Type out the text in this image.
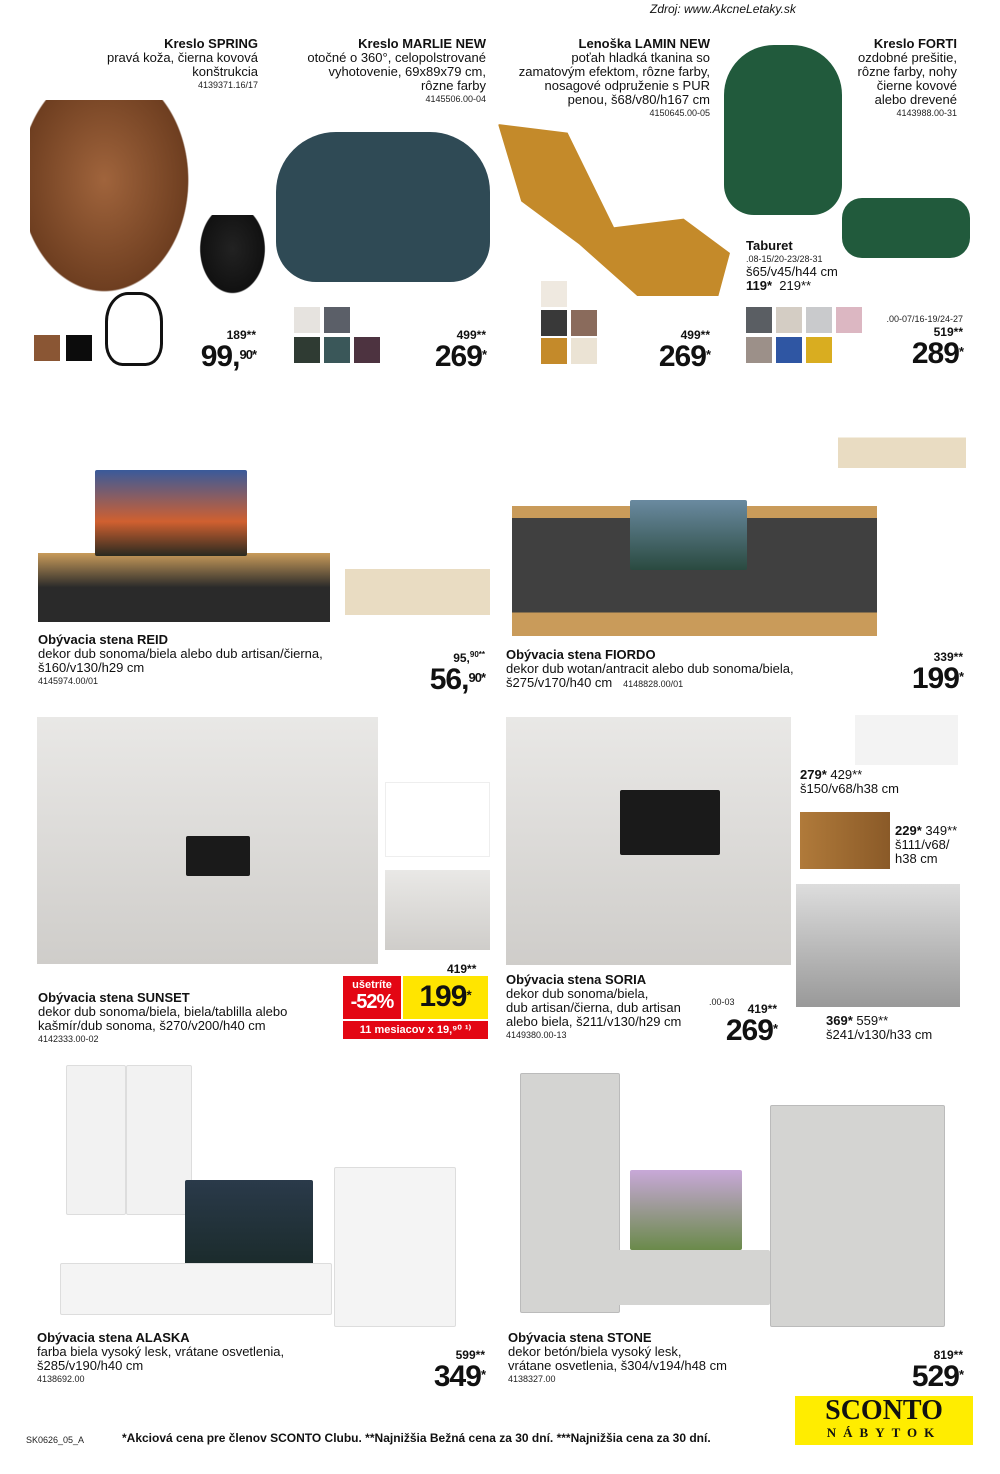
Zdroj: www.AkcneLetaky.sk
Kreslo SPRING
pravá koža, čierna kovová
konštrukcia
4139371.16/17
189**
99,$^{90*}$
Kreslo MARLIE NEW
otočné o 360°, celopolstrované
vyhotovenie, 69x89x79 cm,
rôzne farby
4145506.00-04
499**
269*
Lenoška LAMIN NEW
poťah hladká tkanina so
zamatovým efektom, rôzne farby,
nosagové odpruženie s PUR
penou, š68/v80/h167 cm
4150645.00-05
499**
269*
Kreslo FORTI
ozdobné prešitie,
rôzne farby, nohy
čierne kovové
alebo drevené
4143988.00-31
Taburet
.08-15/20-23/28-31
š65/v45/h44 cm
119* 219**
.00-07/16-19/24-27
519**
289*
Obývacia stena REID
dekor dub sonoma/biela alebo dub artisan/čierna,
š160/v130/h29 cm
4145974.00/01
95,$^{90**}$
56,$^{90*}$
Obývacia stena FIORDO
dekor dub wotan/antracit alebo dub sonoma/biela,
š275/v170/h40 cm 4148828.00/01
339**
199*
Obývacia stena SUNSET
dekor dub sonoma/biela, biela/tablilla alebo
kašmír/dub sonoma, š270/v200/h40 cm
4142333.00-02
419**
ušetríte
-52% 199*
11 mesiacov x 19,⁹⁰ ¹⁾
279* 429**
š150/v68/h38 cm
229* 349**
š111/v68/
h38 cm
369* 559**
š241/v130/h33 cm
Obývacia stena SORIA
dekor dub sonoma/biela,
dub artisan/čierna, dub artisan
alebo biela, š211/v130/h29 cm
4149380.00-13
.00-03	419**
269*
Obývacia stena ALASKA
farba biela vysoký lesk, vrátane osvetlenia,
š285/v190/h40 cm
4138692.00
599**
349*
Obývacia stena STONE
dekor betón/biela vysoký lesk,
vrátane osvetlenia, š304/v194/h48 cm
4138327.00
819**
529*
SK0626_05_A	*Akciová cena pre členov SCONTO Clubu. **Najnižšia Bežná cena za 30 dní. ***Najnižšia cena za 30 dní.
SCONTO
NÁBYTOK
